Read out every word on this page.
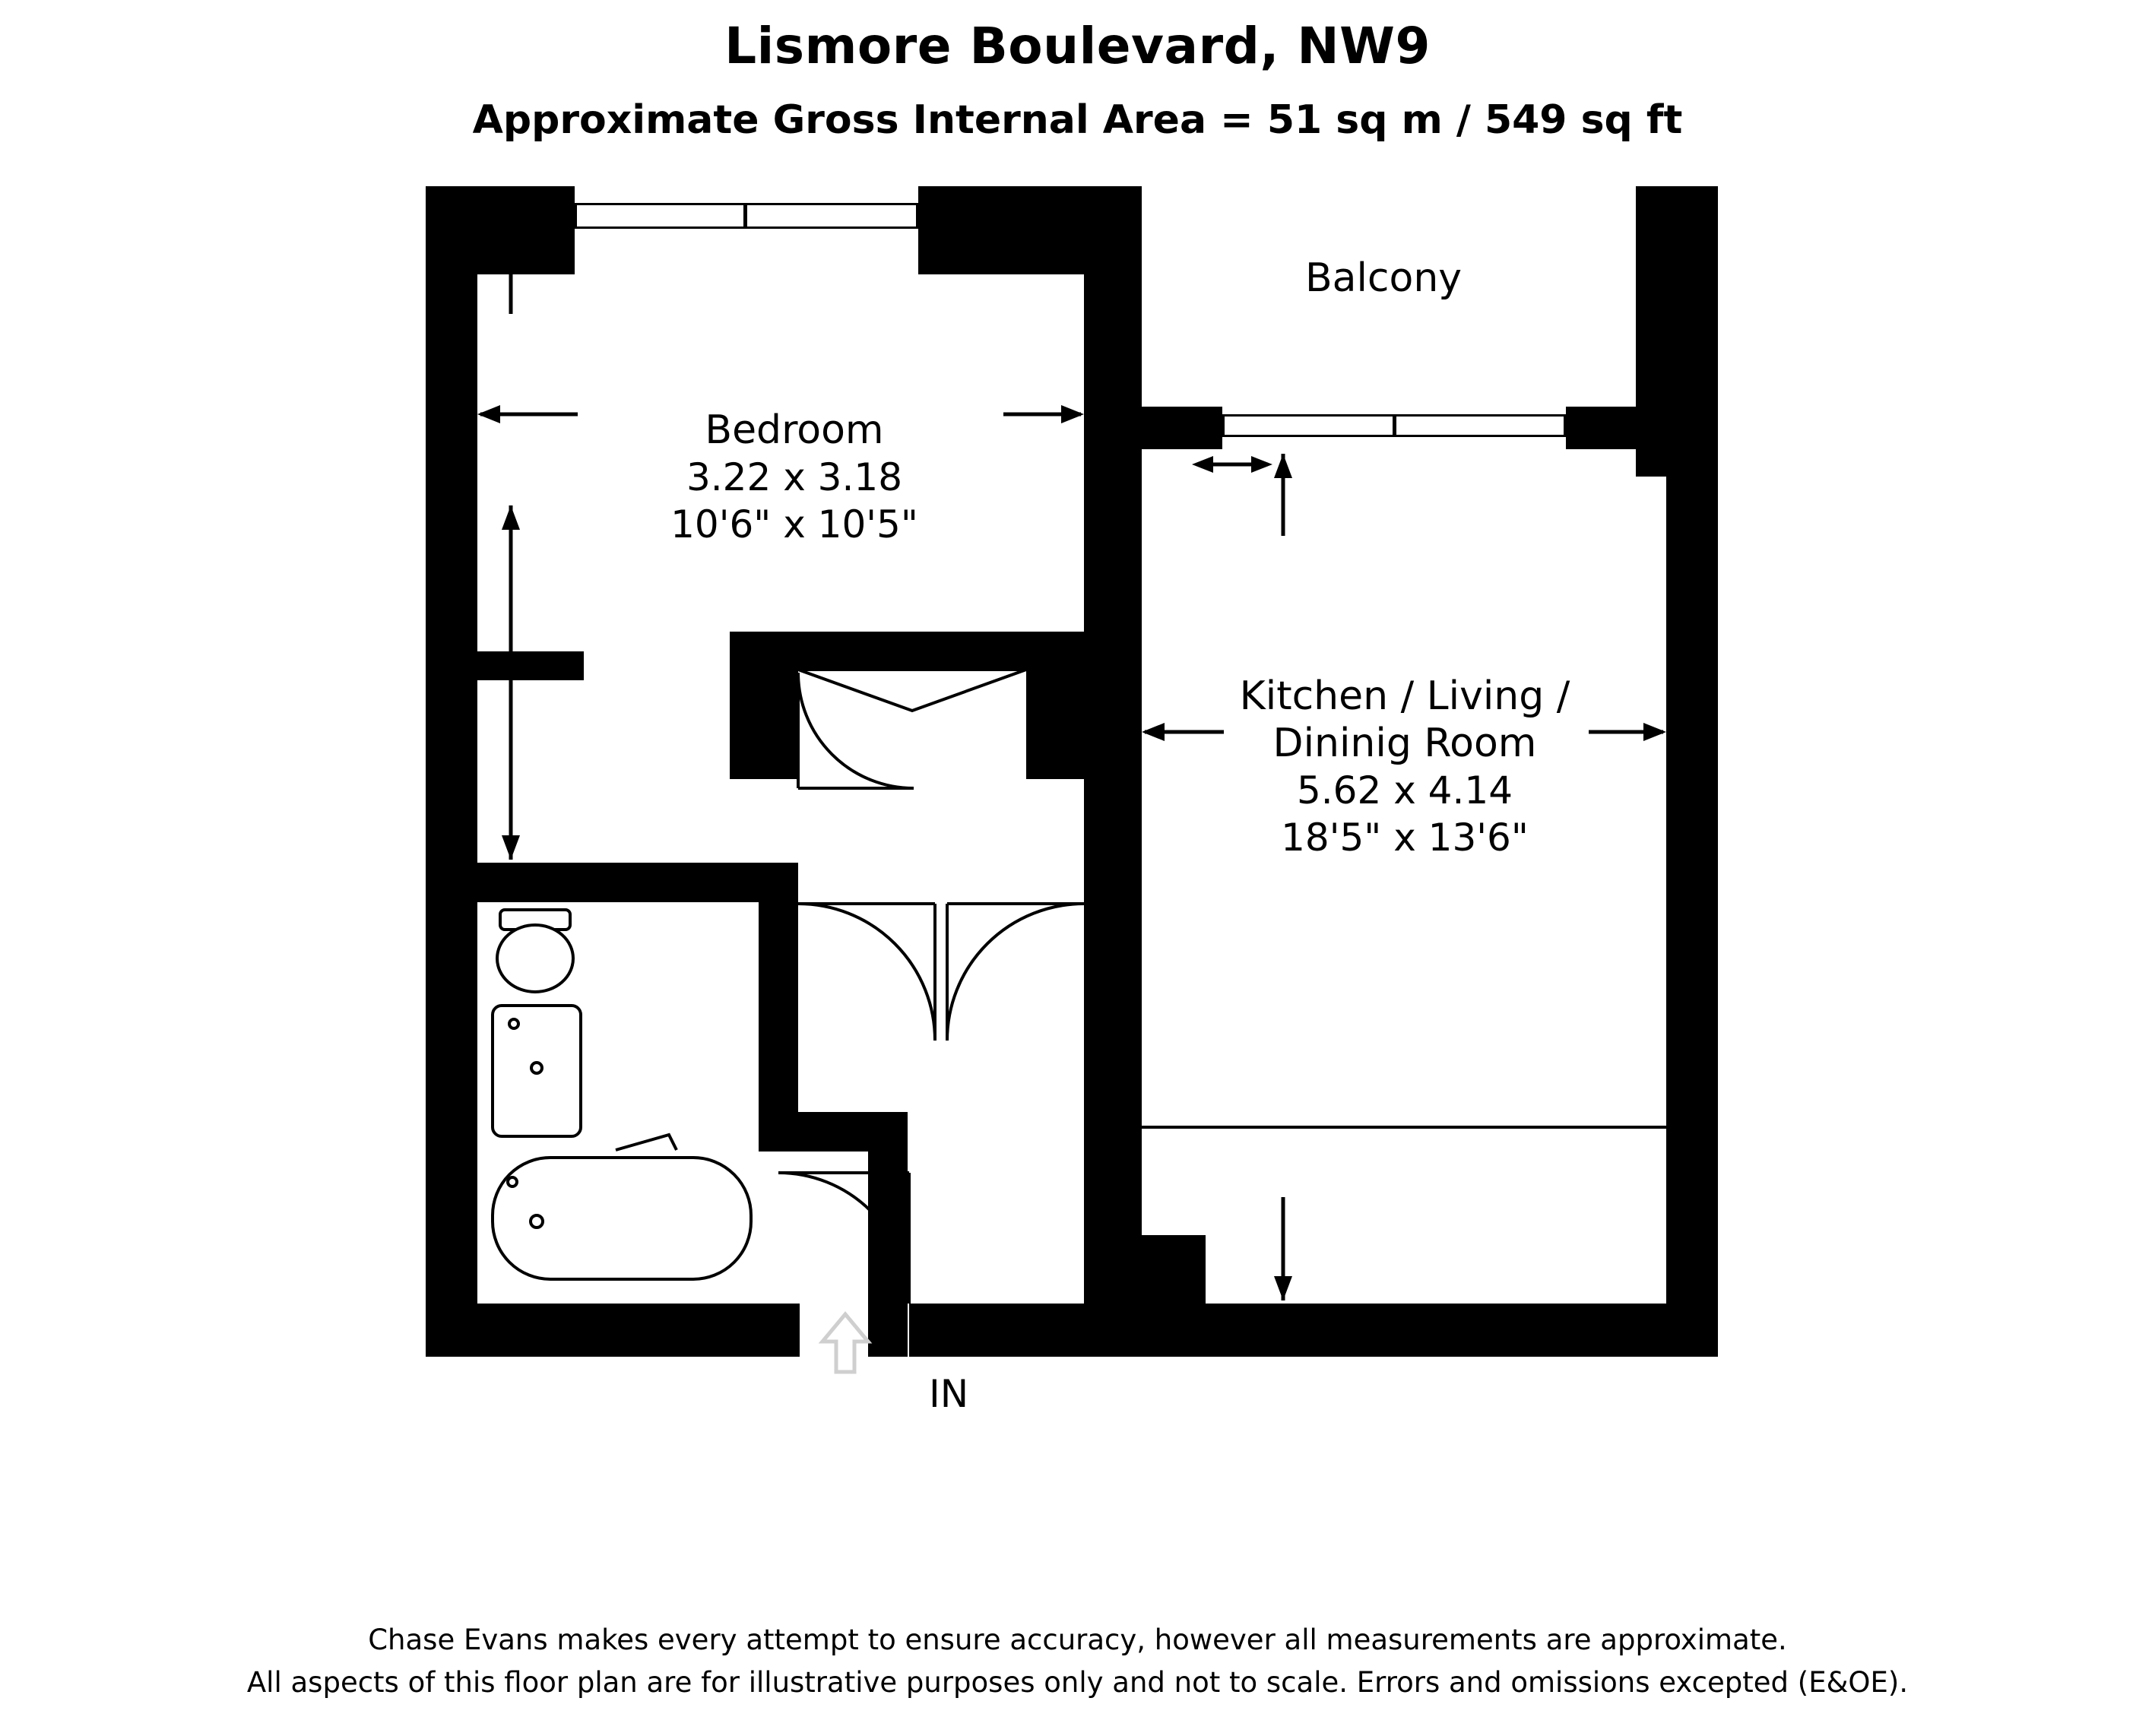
Lismore Boulevard, NW9
Approximate Gross Internal Area = 51 sq m / 549 sq ft
Balcony
Bedroom
3.22 x 3.18
10'6" x 10'5"
Kitchen / Living /
Dininig Room
5.62 x 4.14
18'5" x 13'6"
IN
Chase Evans makes every attempt to ensure accuracy, however all measurements are approximate.
All aspects of this floor plan are for illustrative purposes only and not to scale. Errors and omissions excepted (E&OE).
